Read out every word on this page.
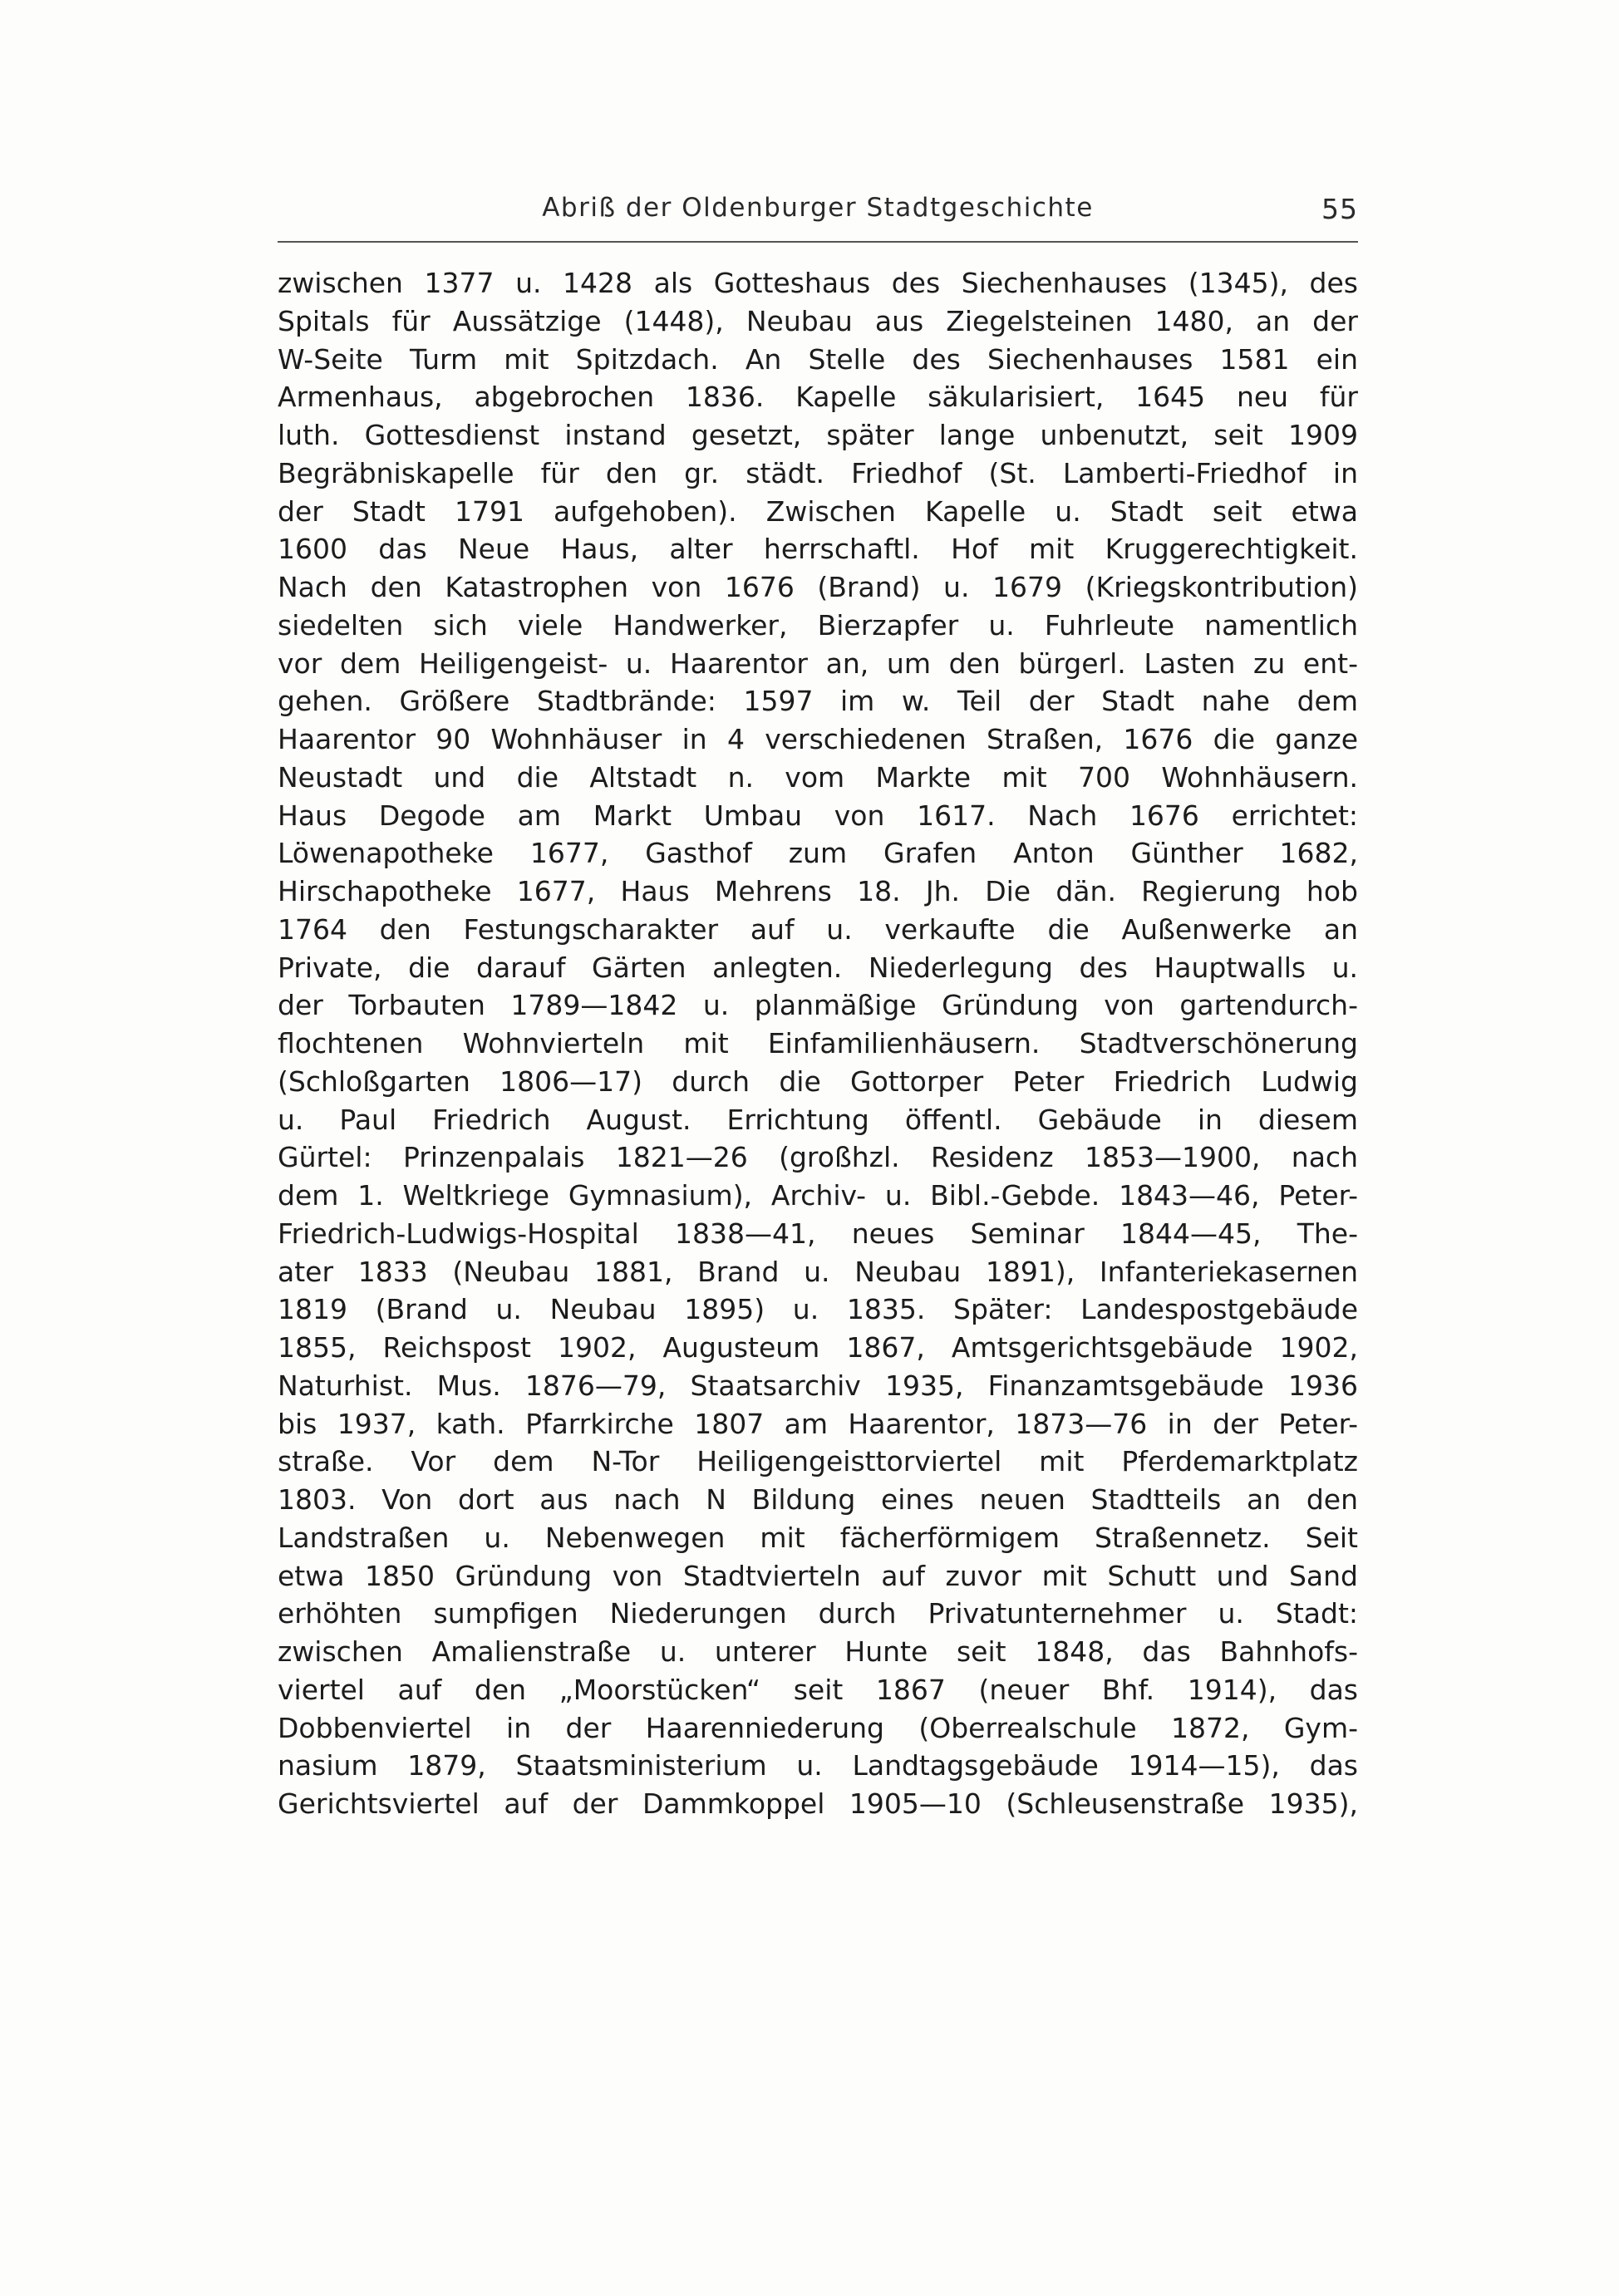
Abriß der Oldenburger Stadtgeschichte	55
zwischen 1377 u. 1428 als Gotteshaus des Siechenhauses (1345), des
Spitals für Aussätzige (1448), Neubau aus Ziegelsteinen 1480, an der
W-Seite Turm mit Spitzdach. An Stelle des Siechenhauses 1581 ein
Armenhaus, abgebrochen 1836. Kapelle säkularisiert, 1645 neu für
luth. Gottesdienst instand gesetzt, später lange unbenutzt, seit 1909
Begräbniskapelle für den gr. städt. Friedhof (St. Lamberti-Friedhof in
der Stadt 1791 aufgehoben). Zwischen Kapelle u. Stadt seit etwa
1600 das Neue Haus, alter herrschaftl. Hof mit Kruggerechtigkeit.
Nach den Katastrophen von 1676 (Brand) u. 1679 (Kriegskontribution)
siedelten sich viele Handwerker, Bierzapfer u. Fuhrleute namentlich
vor dem Heiligengeist- u. Haarentor an, um den bürgerl. Lasten zu ent-
gehen. Größere Stadtbrände: 1597 im w. Teil der Stadt nahe dem
Haarentor 90 Wohnhäuser in 4 verschiedenen Straßen, 1676 die ganze
Neustadt und die Altstadt n. vom Markte mit 700 Wohnhäusern.
Haus Degode am Markt Umbau von 1617. Nach 1676 errichtet:
Löwenapotheke 1677, Gasthof zum Grafen Anton Günther 1682,
Hirschapotheke 1677, Haus Mehrens 18. Jh. Die dän. Regierung hob
1764 den Festungscharakter auf u. verkaufte die Außenwerke an
Private, die darauf Gärten anlegten. Niederlegung des Hauptwalls u.
der Torbauten 1789—1842 u. planmäßige Gründung von gartendurch-
flochtenen Wohnvierteln mit Einfamilienhäusern. Stadtverschönerung
(Schloßgarten 1806—17) durch die Gottorper Peter Friedrich Ludwig
u. Paul Friedrich August. Errichtung öffentl. Gebäude in diesem
Gürtel: Prinzenpalais 1821—26 (großhzl. Residenz 1853—1900, nach
dem 1. Weltkriege Gymnasium), Archiv- u. Bibl.-Gebde. 1843—46, Peter-
Friedrich-Ludwigs-Hospital 1838—41, neues Seminar 1844—45, The-
ater 1833 (Neubau 1881, Brand u. Neubau 1891), Infanteriekasernen
1819 (Brand u. Neubau 1895) u. 1835. Später: Landespostgebäude
1855, Reichspost 1902, Augusteum 1867, Amtsgerichtsgebäude 1902,
Naturhist. Mus. 1876—79, Staatsarchiv 1935, Finanzamtsgebäude 1936
bis 1937, kath. Pfarrkirche 1807 am Haarentor, 1873—76 in der Peter-
straße. Vor dem N-Tor Heiligengeisttorviertel mit Pferdemarktplatz
1803. Von dort aus nach N Bildung eines neuen Stadtteils an den
Landstraßen u. Nebenwegen mit fächerförmigem Straßennetz. Seit
etwa 1850 Gründung von Stadtvierteln auf zuvor mit Schutt und Sand
erhöhten sumpfigen Niederungen durch Privatunternehmer u. Stadt:
zwischen Amalienstraße u. unterer Hunte seit 1848, das Bahnhofs-
viertel auf den „Moorstücken“ seit 1867 (neuer Bhf. 1914), das
Dobbenviertel in der Haarenniederung (Oberrealschule 1872, Gym-
nasium 1879, Staatsministerium u. Landtagsgebäude 1914—15), das
Gerichtsviertel auf der Dammkoppel 1905—10 (Schleusenstraße 1935),
